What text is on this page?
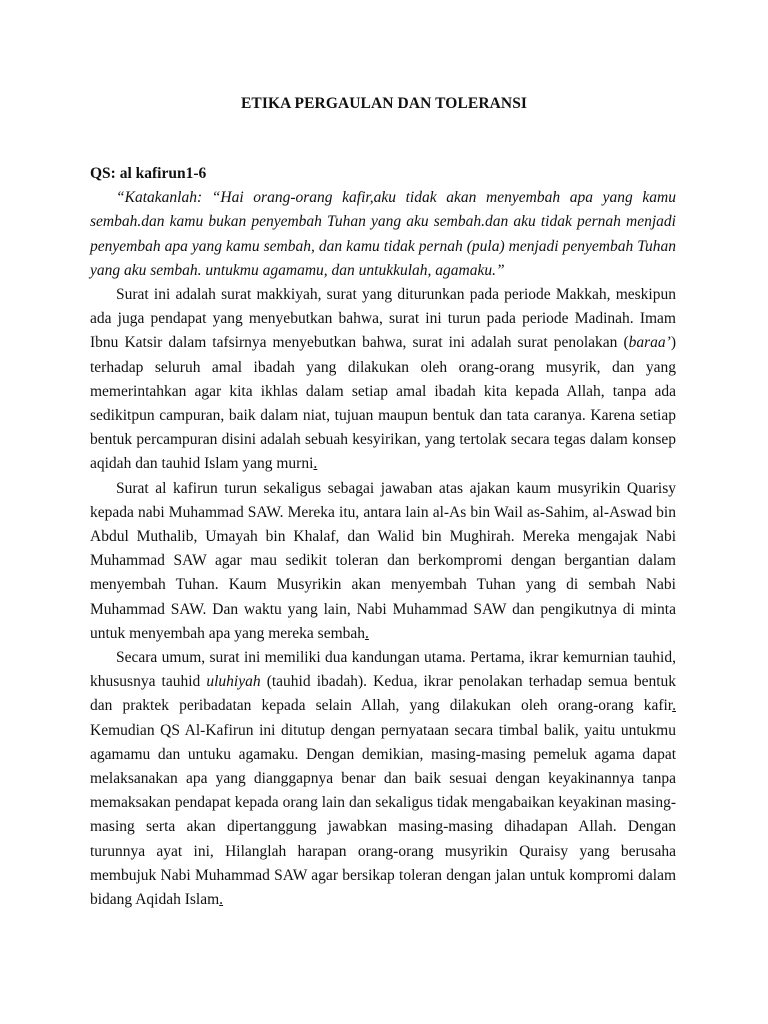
ETIKA PERGAULAN DAN TOLERANSI

QS: al kafirun1-6

“Katakanlah: “Hai orang-orang kafir,aku tidak akan menyembah apa yang kamu sembah.dan kamu bukan penyembah Tuhan yang aku sembah.dan aku tidak pernah menjadi penyembah apa yang kamu sembah, dan kamu tidak pernah (pula) menjadi penyembah Tuhan yang aku sembah. untukmu agamamu, dan untukkulah, agamaku.”

Surat ini adalah surat makkiyah, surat yang diturunkan pada periode Makkah, meskipun ada juga pendapat yang menyebutkan bahwa, surat ini turun pada periode Madinah. Imam Ibnu Katsir dalam tafsirnya menyebutkan bahwa, surat ini adalah surat penolakan (baraa’) terhadap seluruh amal ibadah yang dilakukan oleh orang-orang musyrik, dan yang memerintahkan agar kita ikhlas dalam setiap amal ibadah kita kepada Allah, tanpa ada sedikitpun campuran, baik dalam niat, tujuan maupun bentuk dan tata caranya. Karena setiap bentuk percampuran disini adalah sebuah kesyirikan, yang tertolak secara tegas dalam konsep aqidah dan tauhid Islam yang murni.

Surat al kafirun turun sekaligus sebagai jawaban atas ajakan kaum musyrikin Quarisy kepada nabi Muhammad SAW. Mereka itu, antara lain al-As bin Wail as-Sahim, al-Aswad bin Abdul Muthalib, Umayah bin Khalaf, dan Walid bin Mughirah. Mereka mengajak Nabi Muhammad SAW agar mau sedikit toleran dan berkompromi dengan bergantian dalam menyembah Tuhan. Kaum Musyrikin akan menyembah Tuhan yang di sembah Nabi Muhammad SAW. Dan waktu yang lain, Nabi Muhammad SAW dan pengikutnya di minta untuk menyembah apa yang mereka sembah.

Secara umum, surat ini memiliki dua kandungan utama. Pertama, ikrar kemurnian tauhid, khususnya tauhid uluhiyah (tauhid ibadah). Kedua, ikrar penolakan terhadap semua bentuk dan praktek peribadatan kepada selain Allah, yang dilakukan oleh orang-orang kafir. Kemudian QS Al-Kafirun ini ditutup dengan pernyataan secara timbal balik, yaitu untukmu agamamu dan untuku agamaku. Dengan demikian, masing-masing pemeluk agama dapat melaksanakan apa yang dianggapnya benar dan baik sesuai dengan keyakinannya tanpa memaksakan pendapat kepada orang lain dan sekaligus tidak mengabaikan keyakinan masing-masing serta akan dipertanggung jawabkan masing-masing dihadapan Allah. Dengan turunnya ayat ini, Hilanglah harapan orang-orang musyrikin Quraisy yang berusaha membujuk Nabi Muhammad SAW agar bersikap toleran dengan jalan untuk kompromi dalam bidang Aqidah Islam.
